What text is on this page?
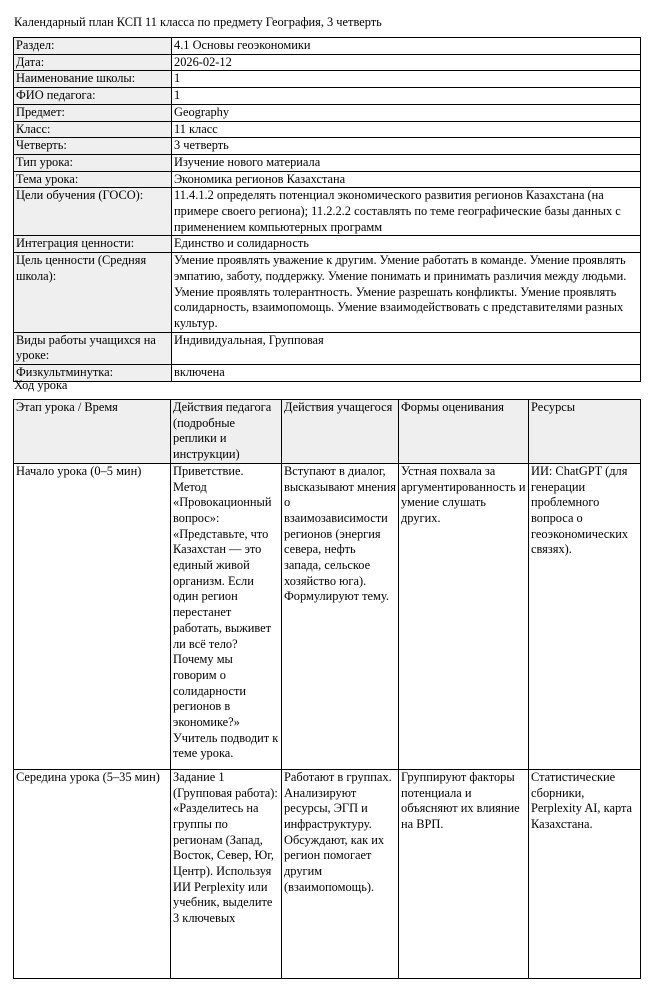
Календарный план КСП 11 класса по предмету География, 3 четверть
Раздел:	4.1 Основы геоэкономики
Дата:	2026-02-12
Наименование школы:	1
ФИО педагога:	1
Предмет:	Geography
Класс:	11 класс
Четверть:	3 четверть
Тип урока:	Изучение нового материала
Тема урока:	Экономика регионов Казахстана
Цели обучения (ГОСО):	11.4.1.2 определять потенциал экономического развития регионов Казахстана (на примере своего региона); 11.2.2.2 составлять по теме географические базы данных с применением компьютерных программ
Интеграция ценности:	Единство и солидарность
Цель ценности (Средняя школа):	Умение проявлять уважение к другим. Умение работать в команде. Умение проявлять эмпатию, заботу, поддержку. Умение понимать и принимать различия между людьми. Умение проявлять толерантность. Умение разрешать конфликты. Умение проявлять солидарность, взаимопомощь. Умение взаимодействовать с представителями разных культур.
Виды работы учащихся на уроке:	Индивидуальная, Групповая
Физкультминутка:	включена
Ход урока
Этап урока / Время	Действия педагога (подробные реплики и инструкции)	Действия учащегося	Формы оценивания	Ресурсы
Начало урока (0–5 мин)	Приветствие. Метод «Провокационный вопрос»: «Представьте, что Казахстан — это единый живой организм. Если один регион перестанет работать, выживет ли всё тело? Почему мы говорим о солидарности регионов в экономике?» Учитель подводит к теме урока.	Вступают в диалог, высказывают мнения о взаимозависимости регионов (энергия севера, нефть запада, сельское хозяйство юга). Формулируют тему.	Устная похвала за аргументированность и умение слушать других.	ИИ: ChatGPT (для генерации проблемного вопроса о геоэкономических связях).
Середина урока (5–35 мин)	Задание 1 (Групповая работа): «Разделитесь на группы по регионам (Запад, Восток, Север, Юг, Центр). Используя ИИ Perplexity или учебник, выделите 3 ключевых	Работают в группах. Анализируют ресурсы, ЭГП и инфраструктуру. Обсуждают, как их регион помогает другим (взаимопомощь).	Группируют факторы потенциала и объясняют их влияние на ВРП.	Статистические сборники, Perplexity AI, карта Казахстана.
